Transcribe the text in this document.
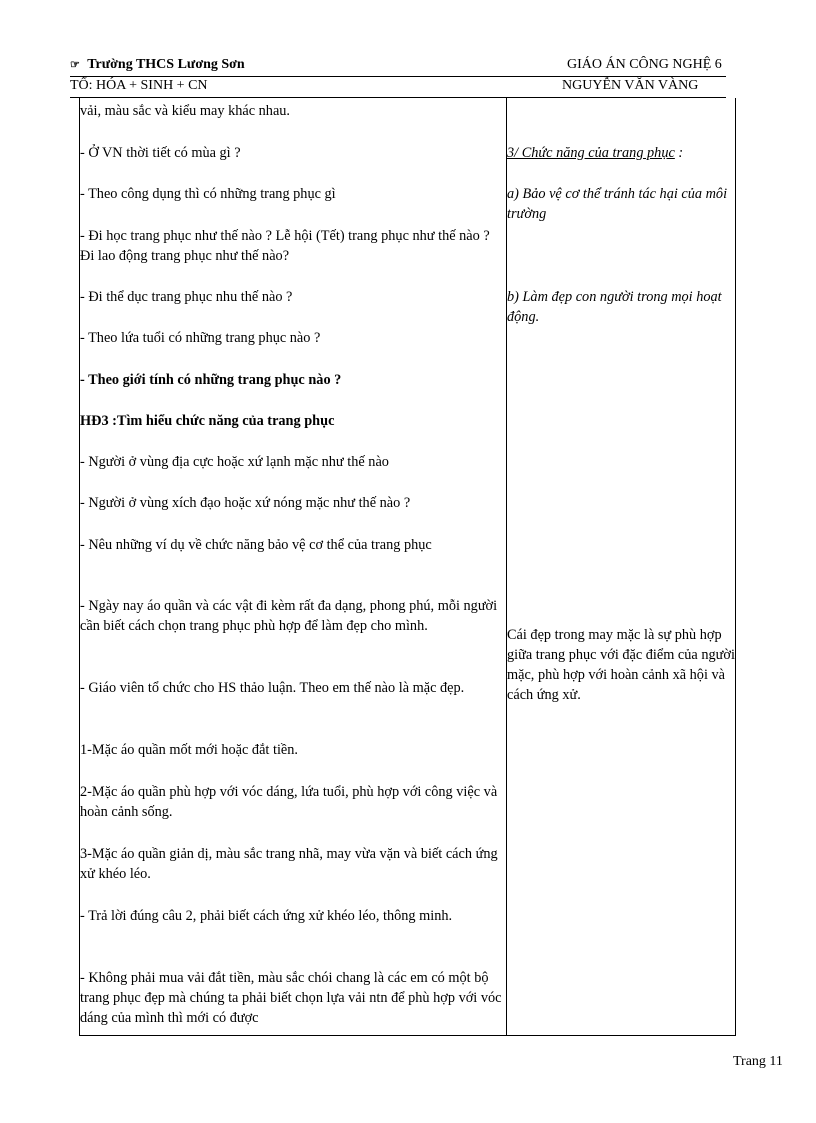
☞ Trường THCS Lương Sơn	GIÁO ÁN CÔNG NGHỆ 6
TỔ: HÓA + SINH + CN	NGUYỄN VĂN VÀNG

vải, màu sắc và kiểu may khác nhau.

- Ở VN thời tiết có mùa gì ?

- Theo công dụng thì có những trang phục gì

- Đi học trang phục như thế nào ? Lễ hội (Tết) trang phục như thế nào ? Đi lao động trang phục như thế nào?

- Đi thể dục trang phục nhu thế nào ?

- Theo lứa tuổi có những trang phục nào ?

- Theo giới tính có những trang phục nào ?

HĐ3 :Tìm hiểu chức năng của trang phục

- Người ở vùng địa cực hoặc xứ lạnh mặc như thế nào

- Người ở vùng xích đạo hoặc xứ nóng mặc như thế nào ?

- Nêu những ví dụ về chức năng bảo vệ cơ thể của trang phục

- Ngày nay áo quần và các vật đi kèm rất đa dạng, phong phú, mỗi người cần biết cách chọn trang phục phù hợp để làm đẹp cho mình.

- Giáo viên tổ chức cho HS thảo luận. Theo em thế nào là mặc đẹp.

1-Mặc áo quần mốt mới hoặc đắt tiền.

2-Mặc áo quần phù hợp với vóc dáng, lứa tuổi, phù hợp với công việc và hoàn cảnh sống.

3-Mặc áo quần giản dị, màu sắc trang nhã, may vừa vặn và biết cách ứng xử khéo léo.

- Trả lời đúng câu 2, phải biết cách ứng xử khéo léo, thông minh.

- Không phải mua vải đắt tiền, màu sắc chói chang là các em có một bộ trang phục đẹp mà chúng ta phải biết chọn lựa vải ntn để phù hợp với vóc dáng của mình thì mới có được

3/ Chức năng của trang phục :

a) Bảo vệ cơ thể tránh tác hại của môi trường

b) Làm đẹp con người trong mọi hoạt động.

Cái đẹp trong may mặc là sự phù hợp giữa trang phục với đặc điểm của người mặc, phù hợp với hoàn cảnh xã hội và cách ứng xử.

Trang 11
